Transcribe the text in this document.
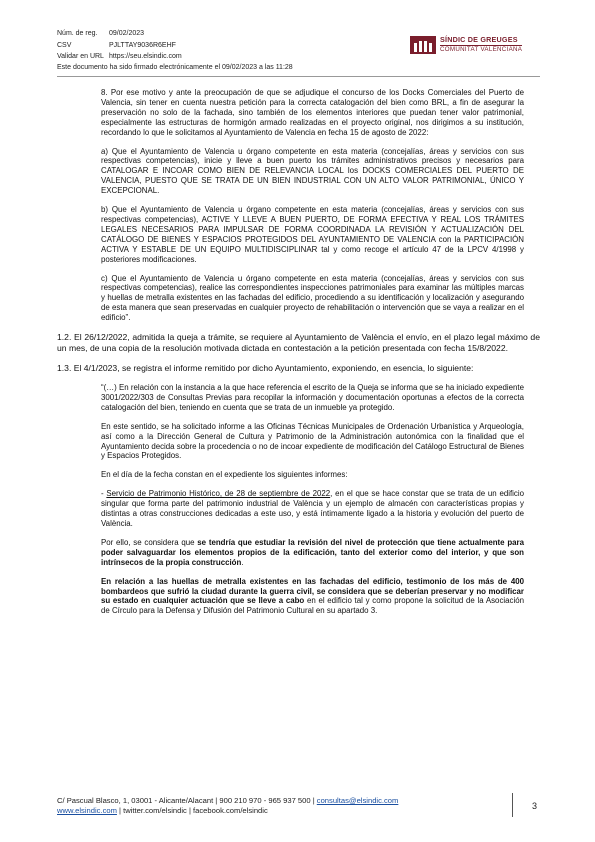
Núm. de reg.	09/02/2023
CSV	PJLTTAY9036R6EHF
Validar en URL https://seu.elsindic.com
Este documento ha sido firmado electrónicamente el 09/02/2023 a las 11:28
SÍNDIC DE GREUGES
COMUNITAT VALENCIANA

8. Por ese motivo y ante la preocupación de que se adjudique el concurso de los Docks Comerciales del Puerto de Valencia, sin tener en cuenta nuestra petición para la correcta catalogación del bien como BRL, a fin de asegurar la preservación no solo de la fachada, sino también de los elementos interiores que puedan tener valor patrimonial, especialmente las estructuras de hormigón armado realizadas en el proyecto original, nos dirigimos a su institución, recordando lo que le solicitamos al Ayuntamiento de Valencia en fecha 15 de agosto de 2022:

a) Que el Ayuntamiento de Valencia u órgano competente en esta materia (concejalías, áreas y servicios con sus respectivas competencias), inicie y lleve a buen puerto los trámites administrativos precisos y necesarios para CATALOGAR E INCOAR COMO BIEN DE RELEVANCIA LOCAL los DOCKS COMERCIALES DEL PUERTO DE VALENCIA, PUESTO QUE SE TRATA DE UN BIEN INDUSTRIAL CON UN ALTO VALOR PATRIMONIAL, ÚNICO Y EXCEPCIONAL.

b) Que el Ayuntamiento de Valencia u órgano competente en esta materia (concejalías, áreas y servicios con sus respectivas competencias), ACTIVE Y LLEVE A BUEN PUERTO, DE FORMA EFECTIVA Y REAL LOS TRÁMITES LEGALES NECESARIOS PARA IMPULSAR DE FORMA COORDINADA LA REVISIÓN Y ACTUALIZACIÓN DEL CATÁLOGO DE BIENES Y ESPACIOS PROTEGIDOS DEL AYUNTAMIENTO DE VALENCIA con la PARTICIPACIÓN ACTIVA Y ESTABLE DE UN EQUIPO MULTIDISCIPLINAR tal y como recoge el artículo 47 de la LPCV 4/1998 y posteriores modificaciones.

c) Que el Ayuntamiento de Valencia u órgano competente en esta materia (concejalías, áreas y servicios con sus respectivas competencias), realice las correspondientes inspecciones patrimoniales para examinar las múltiples marcas y huellas de metralla existentes en las fachadas del edificio, procediendo a su identificación y localización y asegurando de esta manera que sean preservadas en cualquier proyecto de rehabilitación o intervención que se vaya a realizar en el edificio”.

1.2. El 26/12/2022, admitida la queja a trámite, se requiere al Ayuntamiento de València el envío, en el plazo legal máximo de un mes, de una copia de la resolución motivada dictada en contestación a la petición presentada con fecha 15/8/2022.

1.3. El 4/1/2023, se registra el informe remitido por dicho Ayuntamiento, exponiendo, en esencia, lo siguiente:

“(…) En relación con la instancia a la que hace referencia el escrito de la Queja se informa que se ha iniciado expediente 3001/2022/303 de Consultas Previas para recopilar la información y documentación oportunas a efectos de la correcta catalogación del bien, teniendo en cuenta que se trata de un inmueble ya protegido.

En este sentido, se ha solicitado informe a las Oficinas Técnicas Municipales de Ordenación Urbanística y Arqueología, así como a la Dirección General de Cultura y Patrimonio de la Administración autonómica con la finalidad que el Ayuntamiento decida sobre la procedencia o no de incoar expediente de modificación del Catálogo Estructural de Bienes y Espacios Protegidos.

En el día de la fecha constan en el expediente los siguientes informes:

- Servicio de Patrimonio Histórico, de 28 de septiembre de 2022, en el que se hace constar que se trata de un edificio singular que forma parte del patrimonio industrial de València y un ejemplo de almacén con características propias y distintas a otras construcciones dedicadas a este uso, y está íntimamente ligado a la historia y evolución del puerto de València.

Por ello, se considera que se tendría que estudiar la revisión del nivel de protección que tiene actualmente para poder salvaguardar los elementos propios de la edificación, tanto del exterior como del interior, y que son intrínsecos de la propia construcción.

En relación a las huellas de metralla existentes en las fachadas del edificio, testimonio de los más de 400 bombardeos que sufrió la ciudad durante la guerra civil, se considera que se deberían preservar y no modificar su estado en cualquier actuación que se lleve a cabo en el edificio tal y como propone la solicitud de la Asociación de Círculo para la Defensa y Difusión del Patrimonio Cultural en su apartado 3.

C/ Pascual Blasco, 1, 03001 - Alicante/Alacant | 900 210 970 - 965 937 500 | consultas@elsindic.com
www.elsindic.com | twitter.com/elsindic | facebook.com/elsindic	3
